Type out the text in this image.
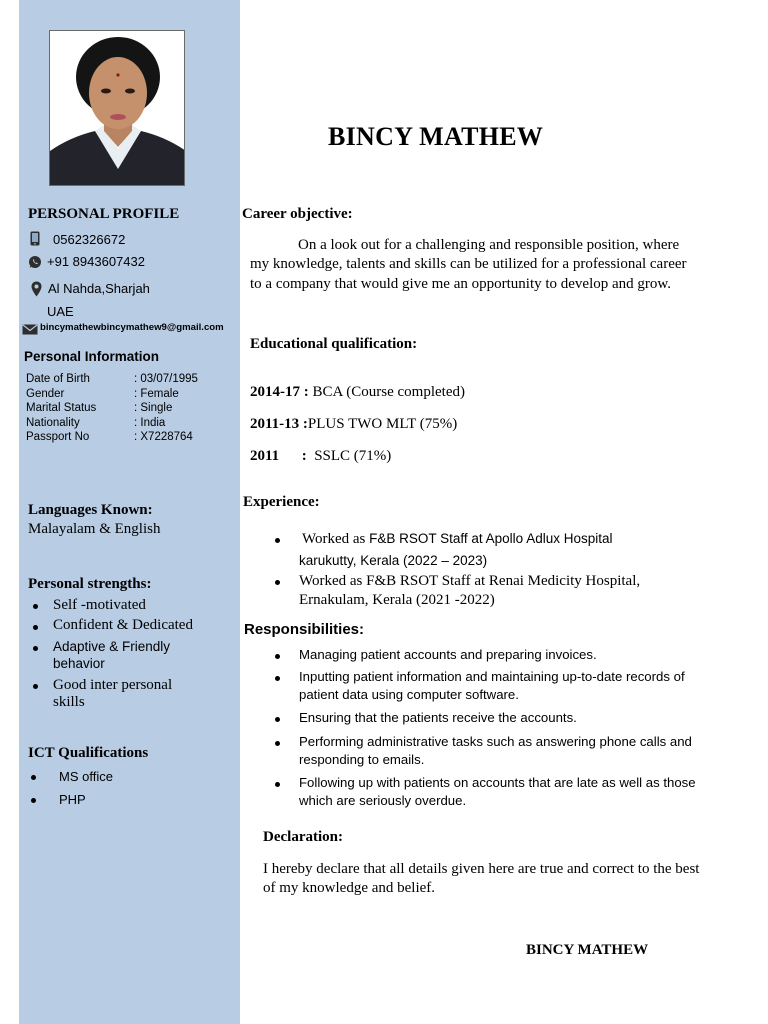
PERSONAL PROFILE
0562326672
+91 8943607432
Al Nahda,Sharjah
UAE
bincymathewbincymathew9@gmail.com
Personal Information
Date of Birth	: 03/07/1995
Gender	: Female
Marital Status	: Single
Nationality	: India
Passport No	: X7228764
Languages Known:
Malayalam & English
Personal strengths:
Self -motivated
Confident & Dedicated
Adaptive & Friendly
behavior
Good inter personal
skills
ICT Qualifications
MS office
PHP
BINCY MATHEW
Career objective:
On a look out for a challenging and responsible position, where
my knowledge, talents and skills can be utilized for a professional career
to a company that would give me an opportunity to develop and grow.
Educational qualification:
2014-17 : BCA (Course completed)
2011-13 :PLUS TWO MLT (75%)
2011      :  SSLC (71%)
Experience:
Worked as F&B RSOT Staff at Apollo Adlux Hospital
karukutty, Kerala (2022 – 2023)
Worked as F&B RSOT Staff at Renai Medicity Hospital,
Ernakulam, Kerala (2021 -2022)
Responsibilities:
Managing patient accounts and preparing invoices.
Inputting patient information and maintaining up-to-date records of
patient data using computer software.
Ensuring that the patients receive the accounts.
Performing administrative tasks such as answering phone calls and
responding to emails.
Following up with patients on accounts that are late as well as those
which are seriously overdue.
Declaration:
I hereby declare that all details given here are true and correct to the best
of my knowledge and belief.
BINCY MATHEW
